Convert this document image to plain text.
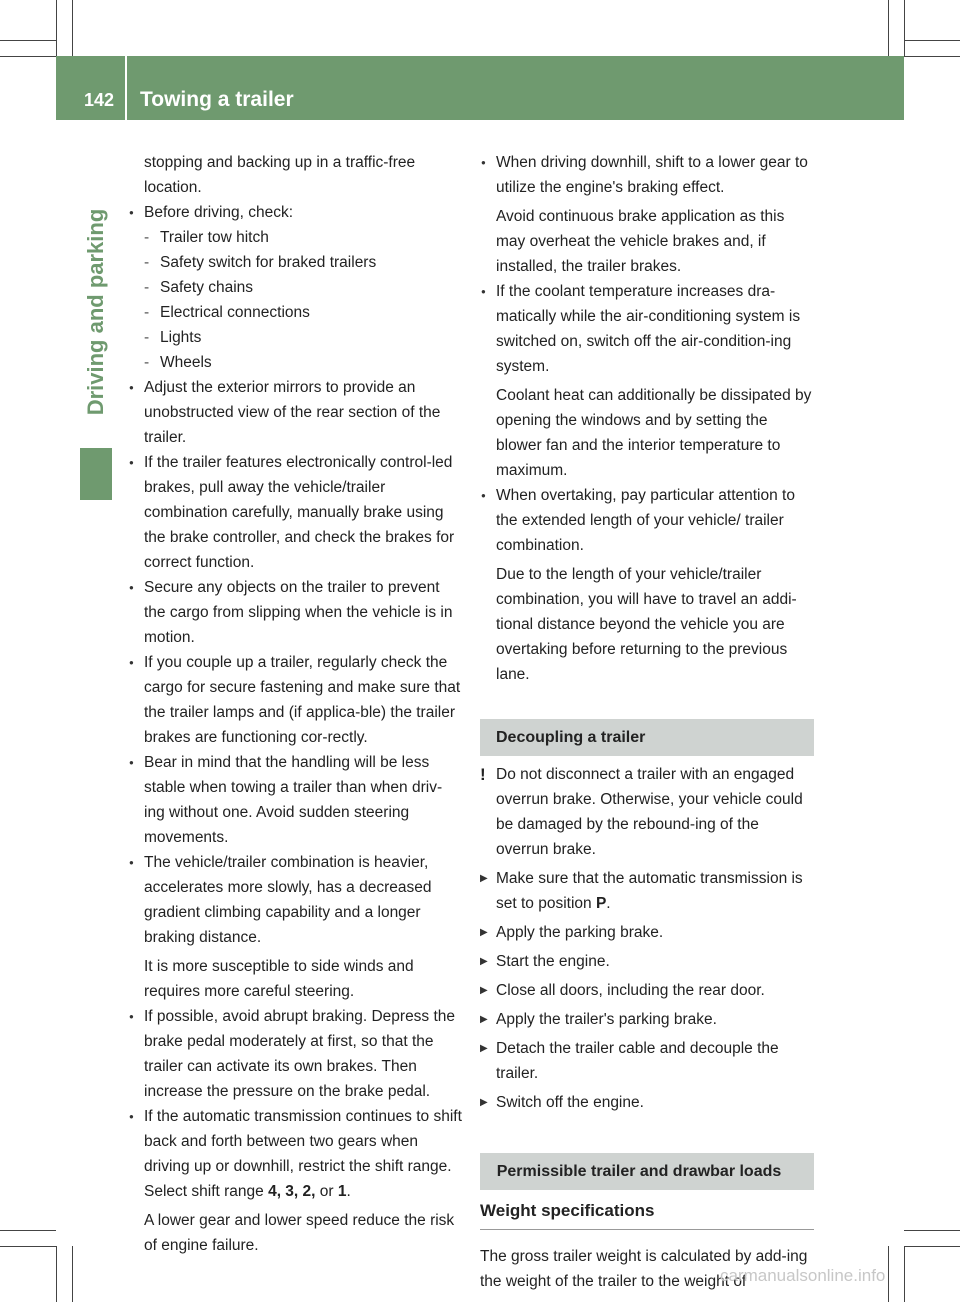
142 Towing a trailer
Driving and parking
stopping and backing up in a traffic-free location.
● Before driving, check:
- Trailer tow hitch
- Safety switch for braked trailers
- Safety chains
- Electrical connections
- Lights
- Wheels
● Adjust the exterior mirrors to provide an unobstructed view of the rear section of the trailer.
● If the trailer features electronically control-led brakes, pull away the vehicle/trailer combination carefully, manually brake using the brake controller, and check the brakes for correct function.
● Secure any objects on the trailer to prevent the cargo from slipping when the vehicle is in motion.
● If you couple up a trailer, regularly check the cargo for secure fastening and make sure that the trailer lamps and (if applica-ble) the trailer brakes are functioning cor-rectly.
● Bear in mind that the handling will be less stable when towing a trailer than when driv-ing without one. Avoid sudden steering movements.
● The vehicle/trailer combination is heavier, accelerates more slowly, has a decreased gradient climbing capability and a longer braking distance.
It is more susceptible to side winds and requires more careful steering.
● If possible, avoid abrupt braking. Depress the brake pedal moderately at first, so that the trailer can activate its own brakes. Then increase the pressure on the brake pedal.
● If the automatic transmission continues to shift back and forth between two gears when driving up or downhill, restrict the shift range. Select shift range 4, 3, 2, or 1.
A lower gear and lower speed reduce the risk of engine failure.
● When driving downhill, shift to a lower gear to utilize the engine's braking effect.
Avoid continuous brake application as this may overheat the vehicle brakes and, if installed, the trailer brakes.
● If the coolant temperature increases dra-matically while the air-conditioning system is switched on, switch off the air-condition-ing system.
Coolant heat can additionally be dissipated by opening the windows and by setting the blower fan and the interior temperature to maximum.
● When overtaking, pay particular attention to the extended length of your vehicle/ trailer combination.
Due to the length of your vehicle/trailer combination, you will have to travel an addi-tional distance beyond the vehicle you are overtaking before returning to the previous lane.
Decoupling a trailer
! Do not disconnect a trailer with an engaged overrun brake. Otherwise, your vehicle could be damaged by the rebound-ing of the overrun brake.
▶ Make sure that the automatic transmission is set to position P.
▶ Apply the parking brake.
▶ Start the engine.
▶ Close all doors, including the rear door.
▶ Apply the trailer's parking brake.
▶ Detach the trailer cable and decouple the trailer.
▶ Switch off the engine.
Permissible trailer and drawbar loads
Weight specifications
The gross trailer weight is calculated by add-ing the weight of the trailer to the weight of
carmanualsonline.info
